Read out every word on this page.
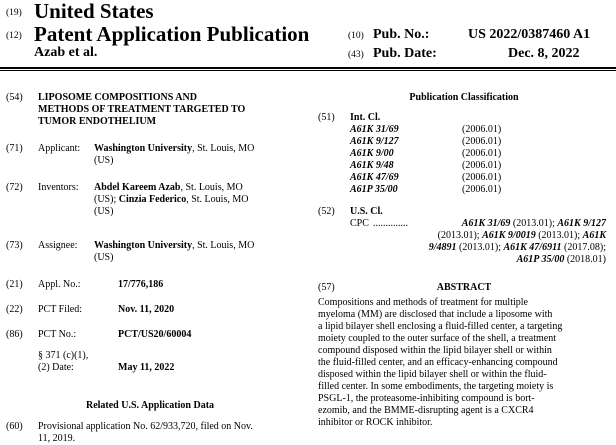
(19) United States
(12) Patent Application Publication
Azab et al.
(10) Pub. No.:	US 2022/0387460 A1
(43) Pub. Date:	Dec. 8, 2022
(54) LIPOSOME COMPOSITIONS AND
METHODS OF TREATMENT TARGETED TO
TUMOR ENDOTHELIUM
(71) Applicant: Washington University, St. Louis, MO
(US)
(72) Inventors: Abdel Kareem Azab, St. Louis, MO
(US); Cinzia Federico, St. Louis, MO
(US)
(73) Assignee: Washington University, St. Louis, MO
(US)
(21) Appl. No.:	17/776,186
(22) PCT Filed:	Nov. 11, 2020
(86) PCT No.:	PCT/US20/60004
§ 371 (c)(1),
(2) Date:	May 11, 2022
Related U.S. Application Data
(60) Provisional application No. 62/933,720, filed on Nov.
11, 2019.
Publication Classification
(51) Int. Cl.
A61K 31/69	(2006.01)
A61K 9/127	(2006.01)
A61K 9/00	(2006.01)
A61K 9/48	(2006.01)
A61K 47/69	(2006.01)
A61P 35/00	(2006.01)
(52) U.S. Cl.
CPC ..............	A61K 31/69 (2013.01); A61K 9/127
(2013.01); A61K 9/0019 (2013.01); A61K
9/4891 (2013.01); A61K 47/6911 (2017.08);
A61P 35/00 (2018.01)
(57)	ABSTRACT
Compositions and methods of treatment for multiple
myeloma (MM) are disclosed that include a liposome with
a lipid bilayer shell enclosing a fluid-filled center, a targeting
moiety coupled to the outer surface of the shell, a treatment
compound disposed within the lipid bilayer shell or within
the fluid-filled center, and an efficacy-enhancing compound
disposed within the lipid bilayer shell or within the fluid-
filled center. In some embodiments, the targeting moiety is
PSGL-1, the proteasome-inhibiting compound is bort-
ezomib, and the BMME-disrupting agent is a CXCR4
inhibitor or ROCK inhibitor.
